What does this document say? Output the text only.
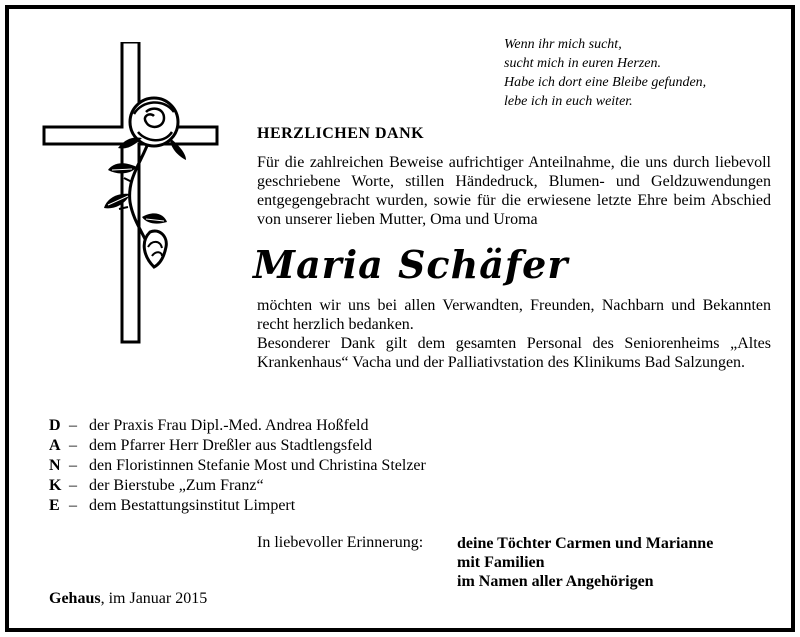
Wenn ihr mich sucht,
sucht mich in euren Herzen.
Habe ich dort eine Bleibe gefunden,
lebe ich in euch weiter.
HERZLICHEN DANK
Für die zahlreichen Beweise aufrichtiger Anteilnahme, die uns durch liebevoll geschriebene Worte, stillen Händedruck, Blumen- und Geldzuwendungen entgegengebracht wurden, sowie für die erwiesene letzte Ehre beim Abschied von unserer lieben Mutter, Oma und Uroma
Maria Schäfer
möchten wir uns bei allen Verwandten, Freunden, Nachbarn und Bekannten recht herzlich bedanken.
Besonderer Dank gilt dem gesamten Personal des Seniorenheims „Altes Krankenhaus“ Vacha und der Palliativstation des Klinikums Bad Salzungen.
D – der Praxis Frau Dipl.-Med. Andrea Hoßfeld
A – dem Pfarrer Herr Dreßler aus Stadtlengsfeld
N – den Floristinnen Stefanie Most und Christina Stelzer
K – der Bierstube „Zum Franz“
E – dem Bestattungsinstitut Limpert
In liebevoller Erinnerung: deine Töchter Carmen und Marianne
mit Familien
im Namen aller Angehörigen
Gehaus, im Januar 2015
